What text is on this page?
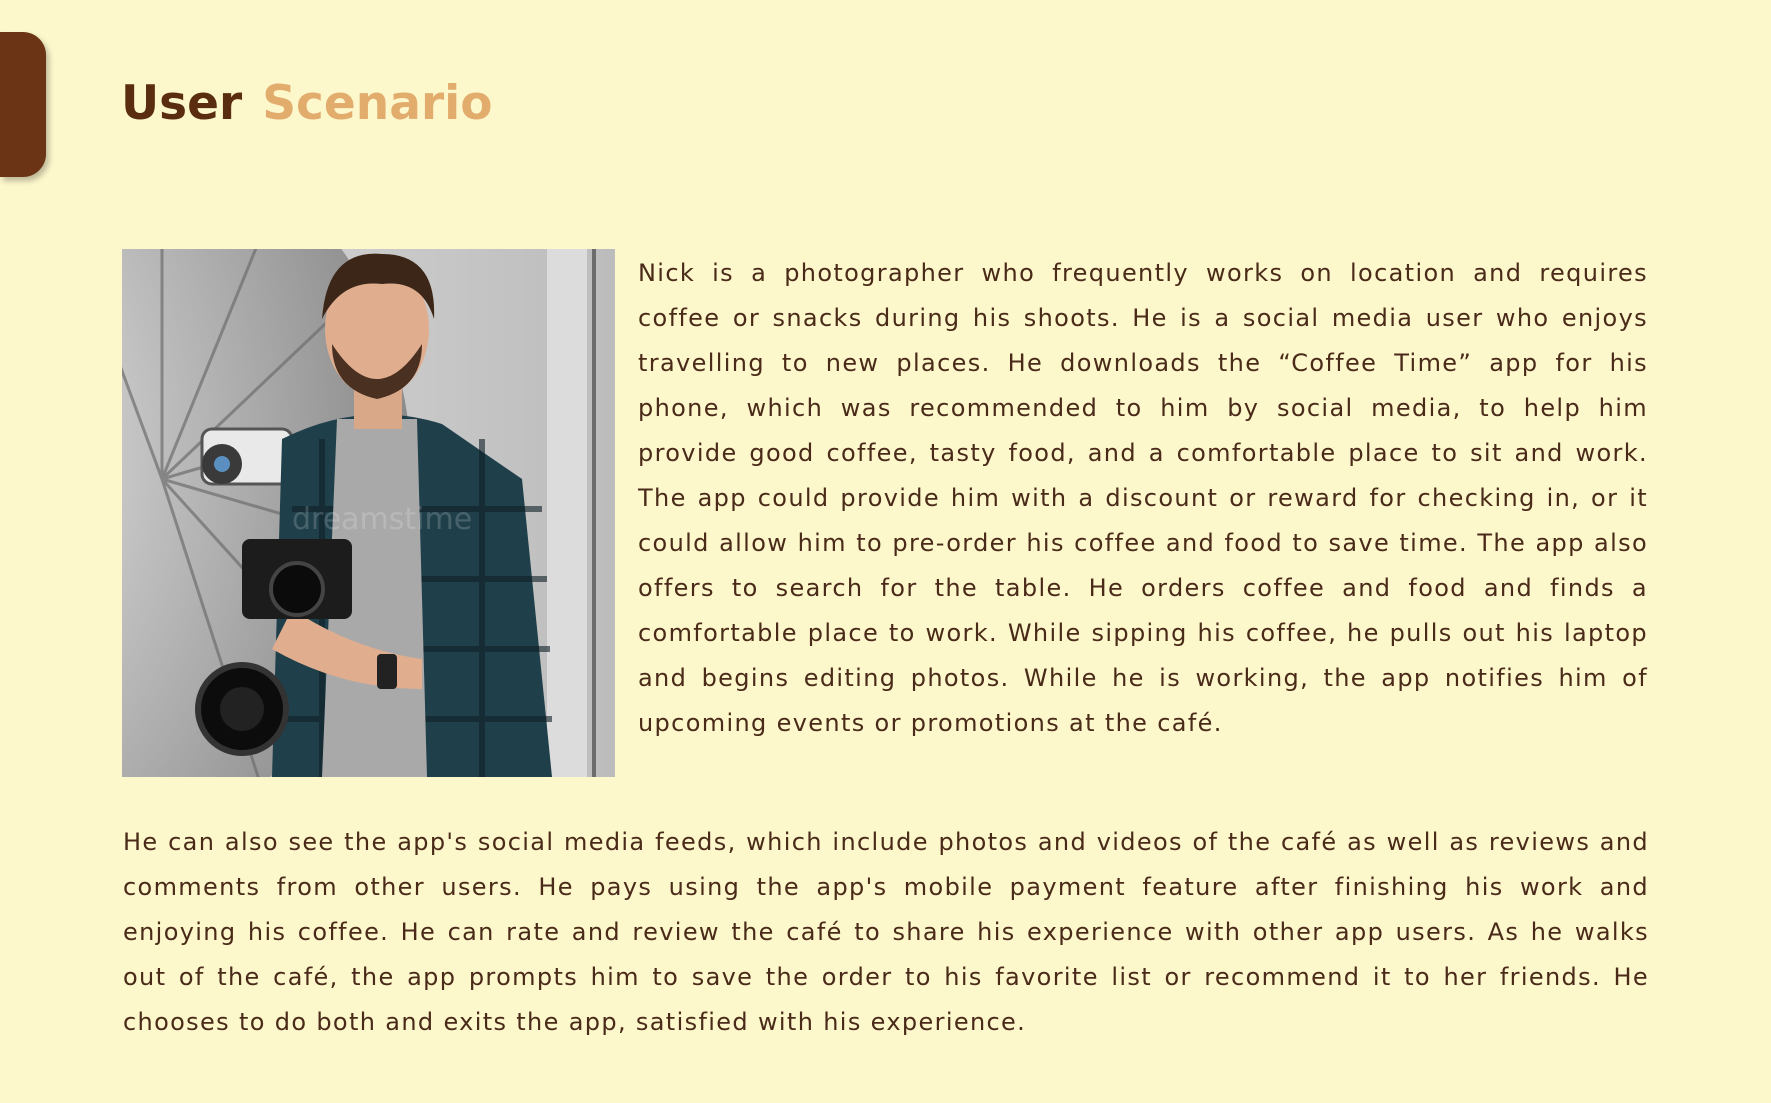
User Scenario
dreamstime

Nick is a photographer who frequently works on location and requires coffee or snacks during his shoots. He is a social media user who enjoys travelling to new places. He downloads the “Coffee Time” app for his phone, which was recommended to him by social media, to help him provide good coffee, tasty food, and a comfortable place to sit and work. The app could provide him with a discount or reward for checking in, or it could allow him to pre-order his coffee and food to save time. The app also offers to search for the table. He orders coffee and food and finds a comfortable place to work. While sipping his coffee, he pulls out his laptop and begins editing photos. While he is working, the app notifies him of upcoming events or promotions at the café.

He can also see the app's social media feeds, which include photos and videos of the café as well as reviews and comments from other users. He pays using the app's mobile payment feature after finishing his work and enjoying his coffee. He can rate and review the café to share his experience with other app users. As he walks out of the café, the app prompts him to save the order to his favorite list or recommend it to her friends. He chooses to do both and exits the app, satisfied with his experience.
